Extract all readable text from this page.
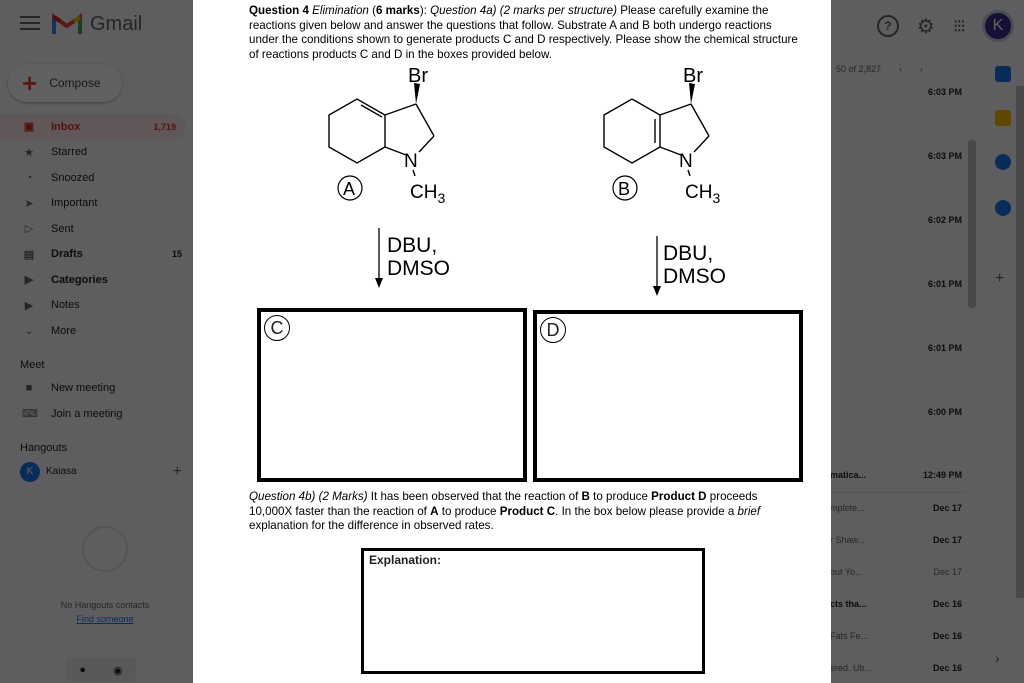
Question 4 Elimination (6 marks): Question 4a) (2 marks per structure) Please carefully examine the reactions given below and answer the questions that follow. Substrate A and B both undergo reactions under the conditions shown to generate products C and D respectively. Please show the chemical structure of reactions products C and D in the boxes provided below.
Br
N
$CH_3$
A
Br
N
$CH_3$
B
DBU,
DMSO
DBU,
DMSO
C	D
Question 4b) (2 Marks) It has been observed that the reaction of B to produce Product D proceeds 10,000X faster than the reaction of A to produce Product C. In the box below please provide a brief explanation for the difference in observed rates.
Explanation:
